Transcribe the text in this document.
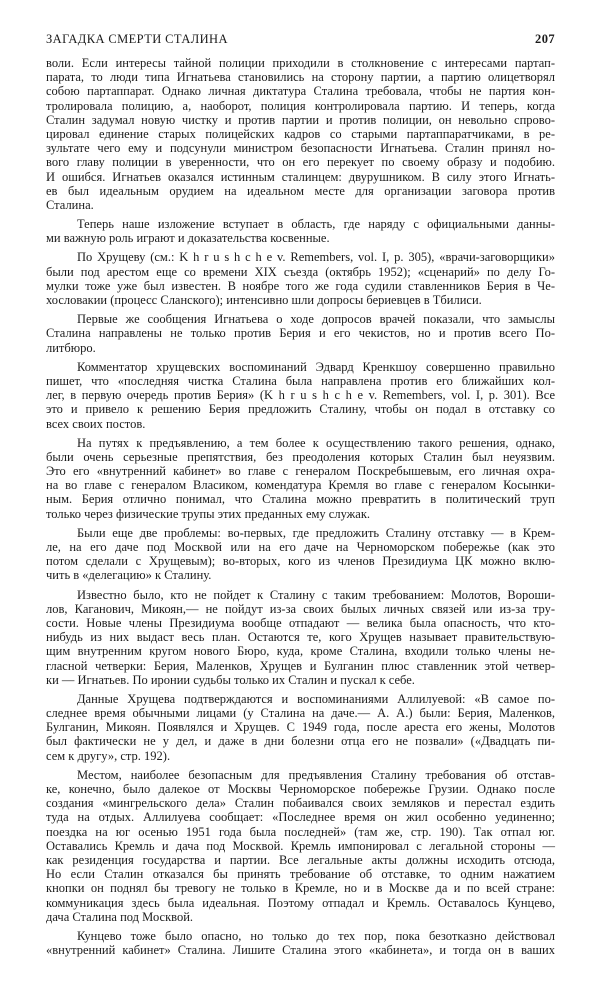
ЗАГАДКА СМЕРТИ СТАЛИНА	207
воли. Если интересы тайной полиции приходили в столкновение с интересами партап-
парата, то люди типа Игнатьева становились на сторону партии, а партию олицетворял
собою партаппарат. Однако личная диктатура Сталина требовала, чтобы не партия кон-
тролировала полицию, а, наоборот, полиция контролировала партию. И теперь, когда
Сталин задумал новую чистку и против партии и против полиции, он невольно спрово-
цировал единение старых полицейских кадров со старыми партаппаратчиками, в ре-
зультате чего ему и подсунули министром безопасности Игнатьева. Сталин принял но-
вого главу полиции в уверенности, что он его перекует по своему образу и подобию.
И ошибся. Игнатьев оказался истинным сталинцем: двурушником. В силу этого Игнать-
ев был идеальным орудием на идеальном месте для организации заговора против
Сталина.
Теперь наше изложение вступает в область, где наряду с официальными данны-
ми важную роль играют и доказательства косвенные.
По Хрущеву (см.: K h r u s h c h e v. Remembers, vol. I, p. 305), «врачи-заговорщики»
были под арестом еще со времени XIX съезда (октябрь 1952); «сценарий» по делу Го-
мулки тоже уже был известен. В ноябре того же года судили ставленников Берия в Че-
хословакии (процесс Сланского); интенсивно шли допросы бериевцев в Тбилиси.
Первые же сообщения Игнатьева о ходе допросов врачей показали, что замыслы
Сталина направлены не только против Берия и его чекистов, но и против всего По-
литбюро.
Комментатор хрущевских воспоминаний Эдвард Кренкшоу совершенно правильно
пишет, что «последняя чистка Сталина была направлена против его ближайших кол-
лег, в первую очередь против Берия» (K h r u s h c h e v. Remembers, vol. I, p. 301). Все
это и привело к решению Берия предложить Сталину, чтобы он подал в отставку со
всех своих постов.
На путях к предъявлению, а тем более к осуществлению такого решения, однако,
были очень серьезные препятствия, без преодоления которых Сталин был неуязвим.
Это его «внутренний кабинет» во главе с генералом Поскребышевым, его личная охра-
на во главе с генералом Власиком, комендатура Кремля во главе с генералом Косынки-
ным. Берия отлично понимал, что Сталина можно превратить в политический труп
только через физические трупы этих преданных ему служак.
Были еще две проблемы: во-первых, где предложить Сталину отставку — в Крем-
ле, на его даче под Москвой или на его даче на Черноморском побережье (как это
потом сделали с Хрущевым); во-вторых, кого из членов Президиума ЦК можно вклю-
чить в «делегацию» к Сталину.
Известно было, кто не пойдет к Сталину с таким требованием: Молотов, Вороши-
лов, Каганович, Микоян,— не пойдут из-за своих былых личных связей или из-за тру-
сости. Новые члены Президиума вообще отпадают — велика была опасность, что кто-
нибудь из них выдаст весь план. Остаются те, кого Хрущев называет правительствую-
щим внутренним кругом нового Бюро, куда, кроме Сталина, входили только члены не-
гласной четверки: Берия, Маленков, Хрущев и Булганин плюс ставленник этой четвер-
ки — Игнатьев. По иронии судьбы только их Сталин и пускал к себе.
Данные Хрущева подтверждаются и воспоминаниями Аллилуевой: «В самое по-
следнее время обычными лицами (у Сталина на даче.— А. А.) были: Берия, Маленков,
Булганин, Микоян. Появлялся и Хрущев. С 1949 года, после ареста его жены, Молотов
был фактически не у дел, и даже в дни болезни отца его не позвали» («Двадцать пи-
сем к другу», стр. 192).
Местом, наиболее безопасным для предъявления Сталину требования об отстав-
ке, конечно, было далекое от Москвы Черноморское побережье Грузии. Однако после
создания «мингрельского дела» Сталин побаивался своих земляков и перестал ездить
туда на отдых. Аллилуева сообщает: «Последнее время он жил особенно уединенно;
поездка на юг осенью 1951 года была последней» (там же, стр. 190). Так отпал юг.
Оставались Кремль и дача под Москвой. Кремль импонировал с легальной стороны —
как резиденция государства и партии. Все легальные акты должны исходить отсюда,
Но если Сталин отказался бы принять требование об отставке, то одним нажатием
кнопки он поднял бы тревогу не только в Кремле, но и в Москве да и по всей стране:
коммуникация здесь была идеальная. Поэтому отпадал и Кремль. Оставалось Кунцево,
дача Сталина под Москвой.
Кунцево тоже было опасно, но только до тех пор, пока безотказно действовал
«внутренний кабинет» Сталина. Лишите Сталина этого «кабинета», и тогда он в ваших
